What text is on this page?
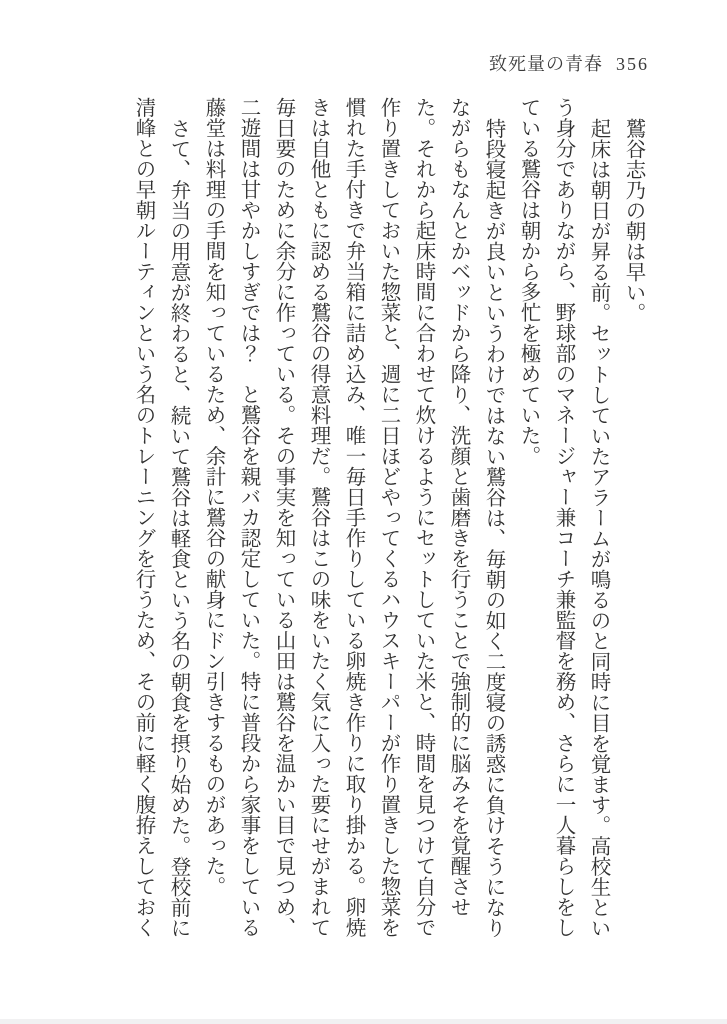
致死量の青春 356

鷲谷志乃の朝は早い。

起床は朝日が昇る前。セットしていたアラームが鳴るのと同時に目を覚ます。高校生という身分でありながら、野球部のマネージャー兼コーチ兼監督を務め、さらに一人暮らしをしている鷲谷は朝から多忙を極めていた。

特段寝起きが良いというわけではない鷲谷は、毎朝の如く二度寝の誘惑に負けそうになりながらもなんとかベッドから降り、洗顔と歯磨きを行うことで強制的に脳みそを覚醒させた。それから起床時間に合わせて炊けるようにセットしていた米と、時間を見つけて自分で作り置きしておいた惣菜と、週に二日ほどやってくるハウスキーパーが作り置きした惣菜を慣れた手付きで弁当箱に詰め込み、唯一毎日手作りしている卵焼き作りに取り掛かる。卵焼きは自他ともに認める鷲谷の得意料理だ。鷲谷はこの味をいたく気に入った要にせがまれて毎日要のために余分に作っている。その事実を知っている山田は鷲谷を温かい目で見つめ、二遊間は甘やかしすぎでは？　と鷲谷を親バカ認定していた。特に普段から家事をしている藤堂は料理の手間を知っているため、余計に鷲谷の献身にドン引きするものがあった。

さて、弁当の用意が終わると、続いて鷲谷は軽食という名の朝食を摂り始めた。登校前に清峰との早朝ルーティンという名のトレーニングを行うため、その前に軽く腹拵えしておく
